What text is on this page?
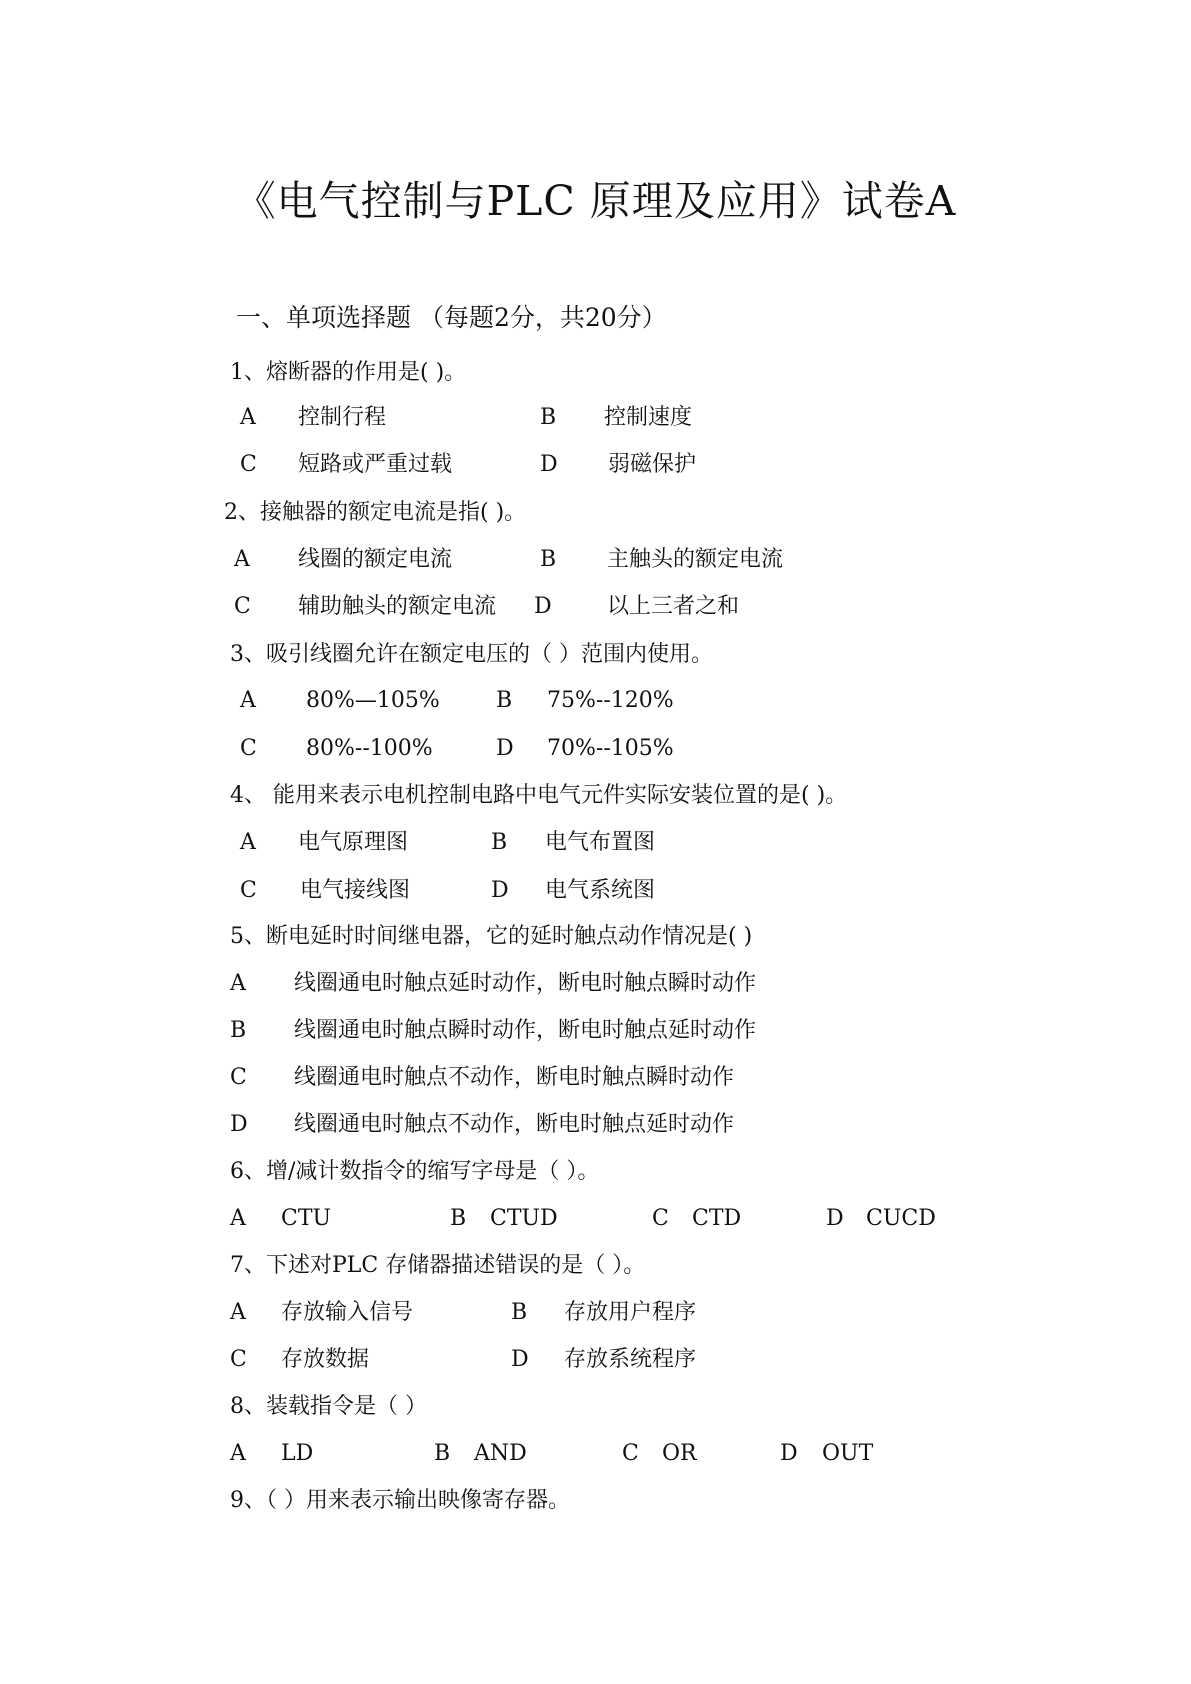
《电气控制与PLC 原理及应用》试卷A
一、单项选择题 （每题2分，共20分）
1、熔断器的作用是( )。
A 控制行程	B 控制速度
C 短路或严重过载	D 弱磁保护
2、接触器的额定电流是指( )。
A 线圈的额定电流	B 主触头的额定电流
C 辅助触头的额定电流 D	以上三者之和
3、吸引线圈允许在额定电压的（ ）范围内使用。
A 80%—105%	B 75%--120%
C 80%--100%	D 70%--105%
4、 能用来表示电机控制电路中电气元件实际安装位置的是( )。
A 电气原理图	B 电气布置图
C 电气接线图	D 电气系统图
5、断电延时时间继电器，它的延时触点动作情况是( )
A 线圈通电时触点延时动作，断电时触点瞬时动作
B 线圈通电时触点瞬时动作，断电时触点延时动作
C 线圈通电时触点不动作，断电时触点瞬时动作
D 线圈通电时触点不动作，断电时触点延时动作
6、增/减计数指令的缩写字母是（ ）。
A CTU	B CTUD	C CTD	D CUCD
7、下述对PLC 存储器描述错误的是（ ）。
A 存放输入信号	B 存放用户程序
C 存放数据	D 存放系统程序
8、装载指令是（ ）
A LD	B AND	C OR	D OUT
9、（ ）用来表示输出映像寄存器。
